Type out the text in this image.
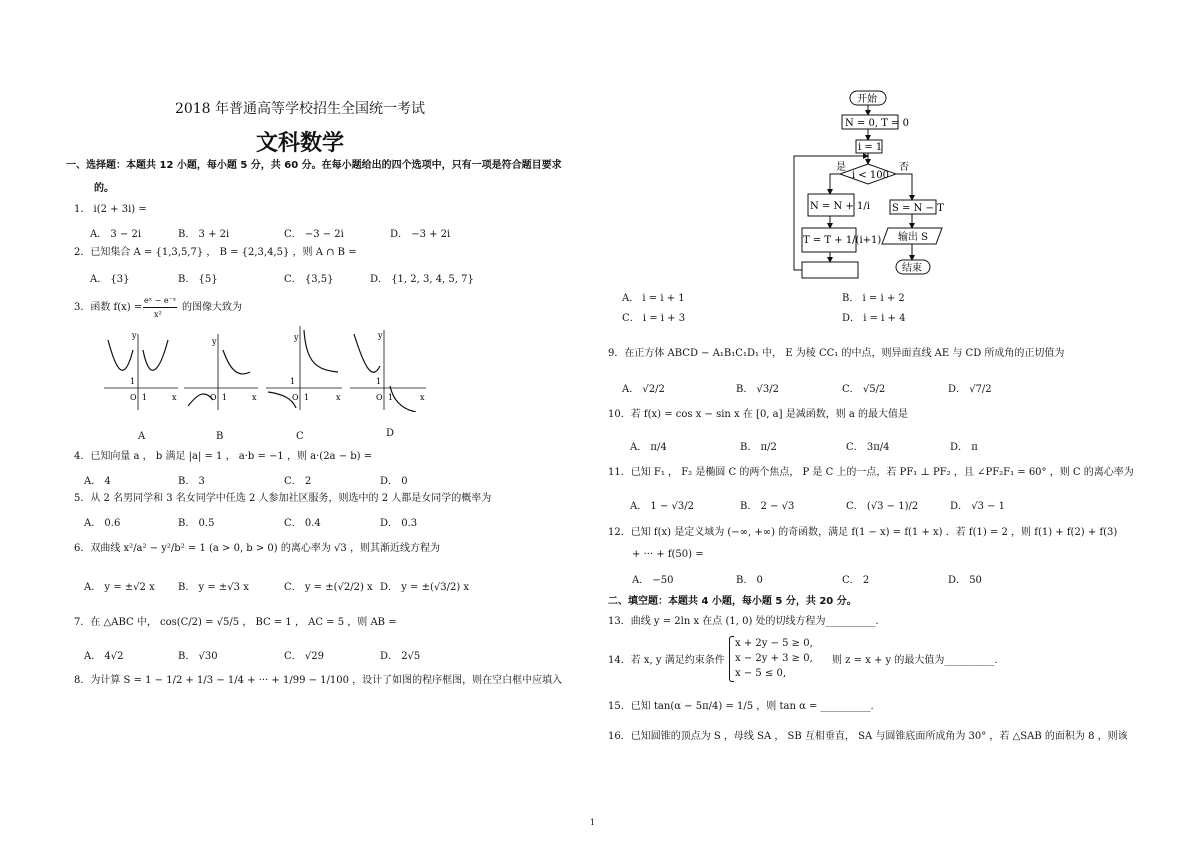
2018 年普通高等学校招生全国统一考试
文科数学
一、选择题：本题共 12 小题，每小题 5 分，共 60 分。在每小题给出的四个选项中，只有一项是符合题目要求
的。
1． i(2 + 3i) =
A． 3 − 2i	B． 3 + 2i	C． −3 − 2i	D． −3 + 2i
2．已知集合 A = {1,3,5,7} ， B = {2,3,4,5} ，则 A ∩ B =
A． {3}	B． {5}	C． {3,5}	D． {1, 2, 3, 4, 5, 7}
3．函数 f(x) =
eˣ − e⁻ˣ
x²
的图像大致为
O 1
1
x
y
O 1	x
y
O 1
1
x
y
O 1
1
x
y
A	B	C	D
4．已知向量 a ， b 满足 |a| = 1 ， a·b = −1 ，则 a·(2a − b) =
A． 4	B． 3	C． 2	D． 0
5．从 2 名男同学和 3 名女同学中任选 2 人参加社区服务，则选中的 2 人都是女同学的概率为
A． 0.6	B． 0.5	C． 0.4	D． 0.3
6．双曲线 x²/a² − y²/b² = 1 (a > 0, b > 0) 的离心率为 √3 ，则其渐近线方程为
A． y = ±√2 x B． y = ±√3 x	C． y = ±(√2/2) x D． y = ±(√3/2) x
7．在 △ABC 中， cos(C/2) = √5/5 ， BC = 1 ， AC = 5 ，则 AB =
A． 4√2	B． √30	C． √29	D． 2√5
8．为计算 S = 1 − 1/2 + 1/3 − 1/4 + ··· + 1/99 − 1/100 ，设计了如图的程序框图，则在空白框中应填入
A． i = i + 1	B． i = i + 2
C． i = i + 3	D． i = i + 4
开始
N = 0, T = 0
i = 1
i < 100
是	否
N = N + 1/i
T = T + 1/(i+1)
S = N − T
输出 S
结束
9．在正方体 ABCD − A₁B₁C₁D₁ 中， E 为棱 CC₁ 的中点，则异面直线 AE 与 CD 所成角的正切值为
A． √2/2	B． √3/2	C． √5/2	D． √7/2
10．若 f(x) = cos x − sin x 在 [0, a] 是减函数，则 a 的最大值是
A． π/4	B． π/2	C． 3π/4	D． π
11．已知 F₁ ， F₂ 是椭圆 C 的两个焦点， P 是 C 上的一点，若 PF₁ ⊥ PF₂ ，且 ∠PF₂F₁ = 60° ，则 C 的离心率为
A． 1 − √3/2	B． 2 − √3	C． (√3 − 1)/2	D． √3 − 1
12．已知 f(x) 是定义域为 (−∞, +∞) 的奇函数，满足 f(1 − x) = f(1 + x) ．若 f(1) = 2 ，则 f(1) + f(2) + f(3)
+ ··· + f(50) =
A． −50	B． 0	C． 2	D． 50
二、填空题：本题共 4 小题，每小题 5 分，共 20 分。
13．曲线 y = 2ln x 在点 (1, 0) 处的切线方程为__________.
14．若 x, y 满足约束条件
x + 2y − 5 ≥ 0,
x − 2y + 3 ≥ 0,
x − 5 ≤ 0,
则 z = x + y 的最大值为__________.
15．已知 tan(α − 5π/4) = 1/5 ，则 tan α = __________.
16．已知圆锥的顶点为 S ，母线 SA ， SB 互相垂直， SA 与圆锥底面所成角为 30° ，若 △SAB 的面积为 8 ，则该
1
